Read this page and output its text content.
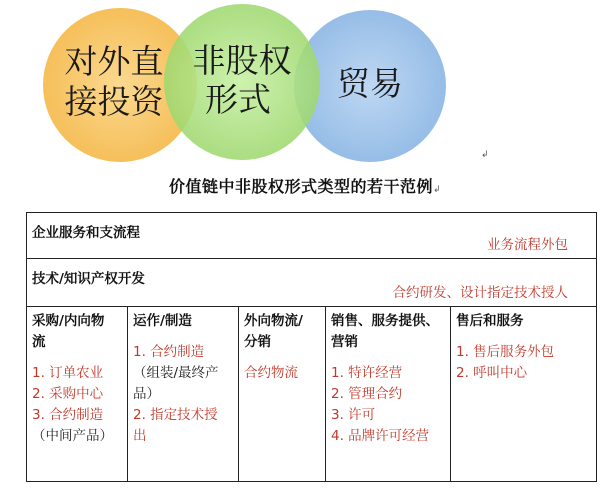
对外直
接投资
非股权
形式 贸易
↲
价值链中非股权形式类型的若干范例↲
企业服务和支流程
业务流程外包
技术/知识产权开发
合约研发、设计指定技术授人
采购/内向物
流
1. 订单农业
2. 采购中心
3. 合约制造
（中间产品）
运作/制造

1. 合约制造
（组装/最终产
品）
2. 指定技术授
出
外向物流/
分销
合约物流
销售、服务提供、
营销
1. 特许经营
2. 管理合约
3. 许可
4. 品牌许可经营
售后和服务

1. 售后服务外包
2. 呼叫中心
